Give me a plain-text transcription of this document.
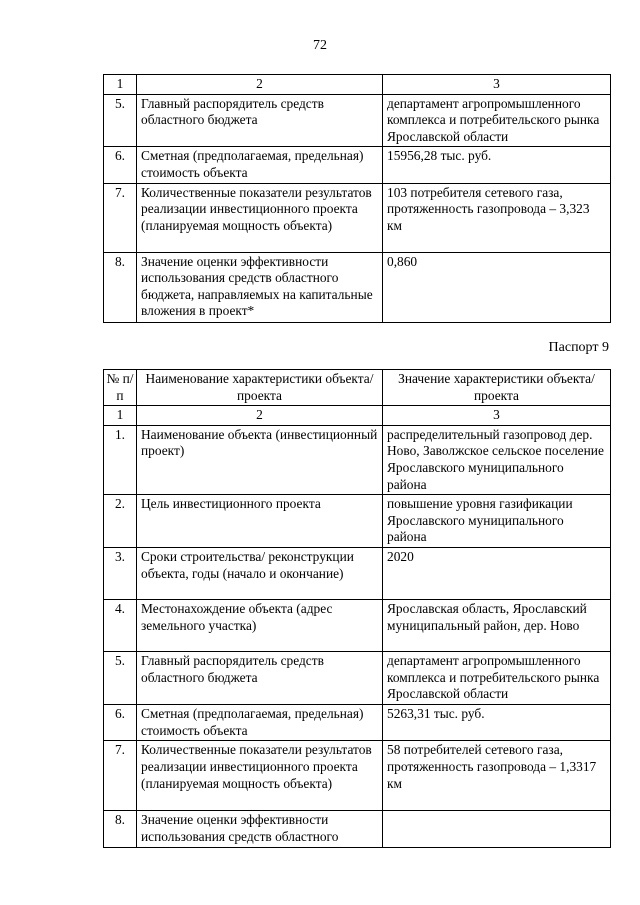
72
1	2	3
5.	Главный распорядитель средств областного бюджета	департамент агропромышленного комплекса и потребительского рынка Ярославской области
6.	Сметная (предполагаемая, предельная) стоимость объекта	15956,28 тыс. руб.
7.	Количественные показатели результатов реализации инвестиционного проекта (планируемая мощность объекта)	103 потребителя сетевого газа, протяженность газопровода – 3,323 км
8.	Значение оценки эффективности использования средств областного бюджета, направляемых на капитальные вложения в проект*	0,860
Паспорт 9
№ п/п	Наименование характеристики объекта/проекта	Значение характеристики объекта/проекта
1	2	3
1.	Наименование объекта (инвестиционный проект)	распределительный газопровод дер. Ново, Заволжское сельское поселение Ярославского муниципального района
2.	Цель инвестиционного проекта	повышение уровня газификации Ярославского муниципального района
3.	Сроки строительства/ реконструкции объекта, годы (начало и окончание)	2020
4.	Местонахождение объекта (адрес земельного участка)	Ярославская область, Ярославский муниципальный район, дер. Ново
5.	Главный распорядитель средств областного бюджета	департамент агропромышленного комплекса и потребительского рынка Ярославской области
6.	Сметная (предполагаемая, предельная) стоимость объекта	5263,31 тыс. руб.
7.	Количественные показатели результатов реализации инвестиционного проекта (планируемая мощность объекта)	58 потребителей сетевого газа, протяженность газопровода – 1,3317 км
8.	Значение оценки эффективности использования средств областного	
